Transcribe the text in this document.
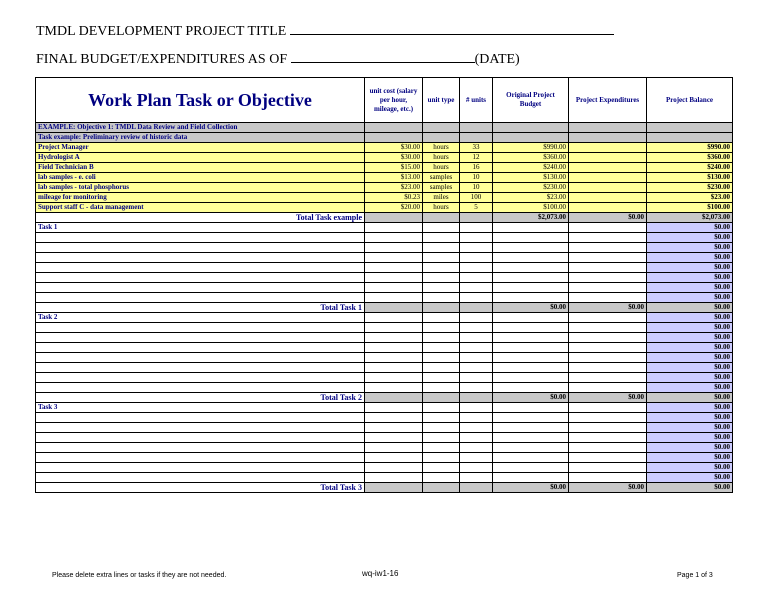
TMDL DEVELOPMENT PROJECT TITLE
FINAL BUDGET/EXPENDITURES AS OF	(DATE)
Work Plan Task or Objective	unit cost (salary per hour, mileage, etc.)	unit type	# units	Original Project Budget	Project Expenditures	Project Balance
EXAMPLE: Objective 1: TMDL Data Review and Field Collection						
Task example: Preliminary review of historic data						
Project Manager	$30.00	hours	33	$990.00		$990.00
Hydrologist A	$30.00	hours	12	$360.00		$360.00
Field Technician B	$15.00	hours	16	$240.00		$240.00
lab samples - e. coli	$13.00	samples	10	$130.00		$130.00
lab samples - total phosphorus	$23.00	samples	10	$230.00		$230.00
mileage for monitoring	$0.23	miles	100	$23.00		$23.00
Support staff C - data management	$20.00	hours	5	$100.00		$100.00
Total Task example				$2,073.00	$0.00	$2,073.00
Task 1						$0.00
						$0.00
						$0.00
						$0.00
						$0.00
						$0.00
						$0.00
						$0.00
Total Task 1				$0.00	$0.00	$0.00
Task 2						$0.00
						$0.00
						$0.00
						$0.00
						$0.00
						$0.00
						$0.00
						$0.00
Total Task 2				$0.00	$0.00	$0.00
Task 3						$0.00
						$0.00
						$0.00
						$0.00
						$0.00
						$0.00
						$0.00
						$0.00
Total Task 3				$0.00	$0.00	$0.00
Please delete extra lines or tasks if they are not needed.	wq-iw1-16	Page 1 of 3
